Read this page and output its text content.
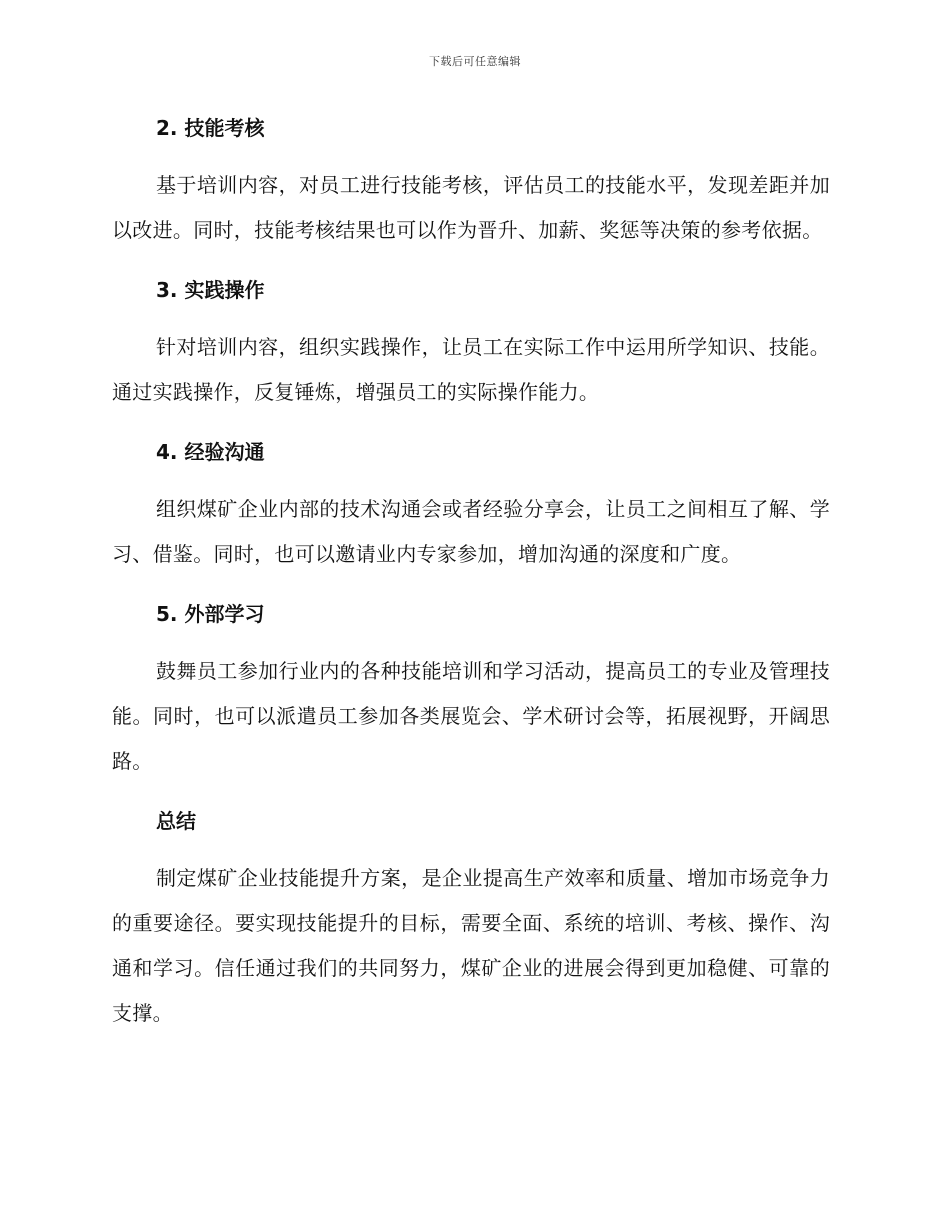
下载后可任意编辑
2. 技能考核

基于培训内容，对员工进行技能考核，评估员工的技能水平，发现差距并加以改进。同时，技能考核结果也可以作为晋升、加薪、奖惩等决策的参考依据。

3. 实践操作

针对培训内容，组织实践操作，让员工在实际工作中运用所学知识、技能。通过实践操作，反复锤炼，增强员工的实际操作能力。

4. 经验沟通

组织煤矿企业内部的技术沟通会或者经验分享会，让员工之间相互了解、学习、借鉴。同时，也可以邀请业内专家参加，增加沟通的深度和广度。

5. 外部学习

鼓舞员工参加行业内的各种技能培训和学习活动，提高员工的专业及管理技能。同时，也可以派遣员工参加各类展览会、学术研讨会等，拓展视野，开阔思路。

总结

制定煤矿企业技能提升方案，是企业提高生产效率和质量、增加市场竞争力的重要途径。要实现技能提升的目标，需要全面、系统的培训、考核、操作、沟通和学习。信任通过我们的共同努力，煤矿企业的进展会得到更加稳健、可靠的支撑。
